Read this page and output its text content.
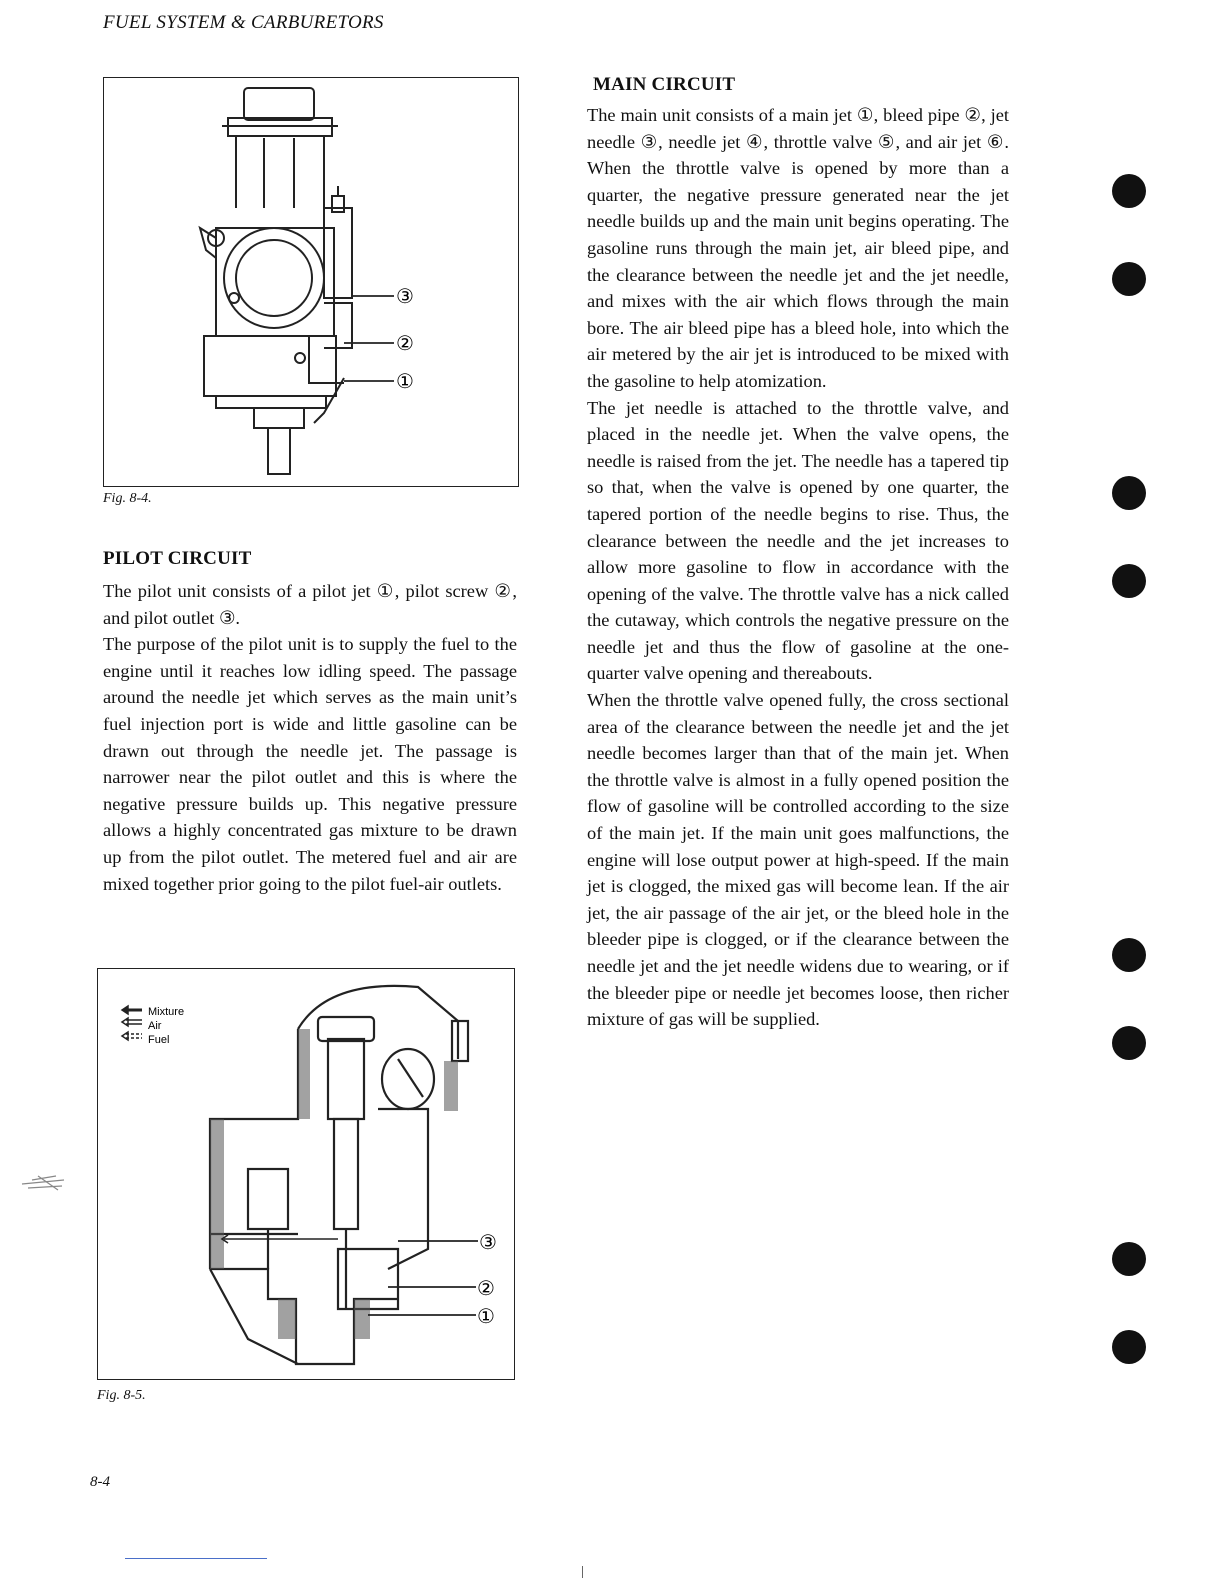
FUEL SYSTEM & CARBURETORS
③
②
①
Fig. 8-4.
PILOT CIRCUIT

The pilot unit consists of a pilot jet ①, pilot screw ②, and pilot outlet ③.

The purpose of the pilot unit is to supply the fuel to the engine until it reaches low idling speed. The passage around the needle jet which serves as the main unit’s fuel injection port is wide and little gasoline can be drawn out through the needle jet. The passage is narrower near the pilot outlet and this is where the negative pressure builds up. This negative pressure allows a highly concentrated gas mixture to be drawn up from the pilot outlet. The metered fuel and air are mixed together prior going to the pilot fuel-air outlets.

Mixture
Air
Fuel
③
②
①
Fig. 8-5.
MAIN CIRCUIT

The main unit consists of a main jet ①, bleed pipe ②, jet needle ③, needle jet ④, throttle valve ⑤, and air jet ⑥. When the throttle valve is opened by more than a quarter, the negative pressure generated near the jet needle builds up and the main unit begins operating. The gasoline runs through the main jet, air bleed pipe, and the clearance between the needle jet and the jet needle, and mixes with the air which flows through the main bore. The air bleed pipe has a bleed hole, into which the air metered by the air jet is introduced to be mixed with the gasoline to help atomization.

The jet needle is attached to the throttle valve, and placed in the needle jet. When the valve opens, the needle is raised from the jet. The needle has a tapered tip so that, when the valve is opened by one quarter, the tapered portion of the needle begins to rise. Thus, the clearance between the needle and the jet increases to allow more gasoline to flow in accordance with the opening of the valve. The throttle valve has a nick called the cutaway, which controls the negative pressure on the needle jet and thus the flow of gasoline at the one-quarter valve opening and thereabouts.

When the throttle valve opened fully, the cross sectional area of the clearance between the needle jet and the jet needle becomes larger than that of the main jet. When the throttle valve is almost in a fully opened position the flow of gasoline will be controlled according to the size of the main jet. If the main unit goes malfunctions, the engine will lose output power at high-speed. If the main jet is clogged, the mixed gas will become lean. If the air jet, the air passage of the air jet, or the bleed hole in the bleeder pipe is clogged, or if the clearance between the needle jet and the jet needle widens due to wearing, or if the bleeder pipe or needle jet becomes loose, then richer mixture of gas will be supplied.

8-4
